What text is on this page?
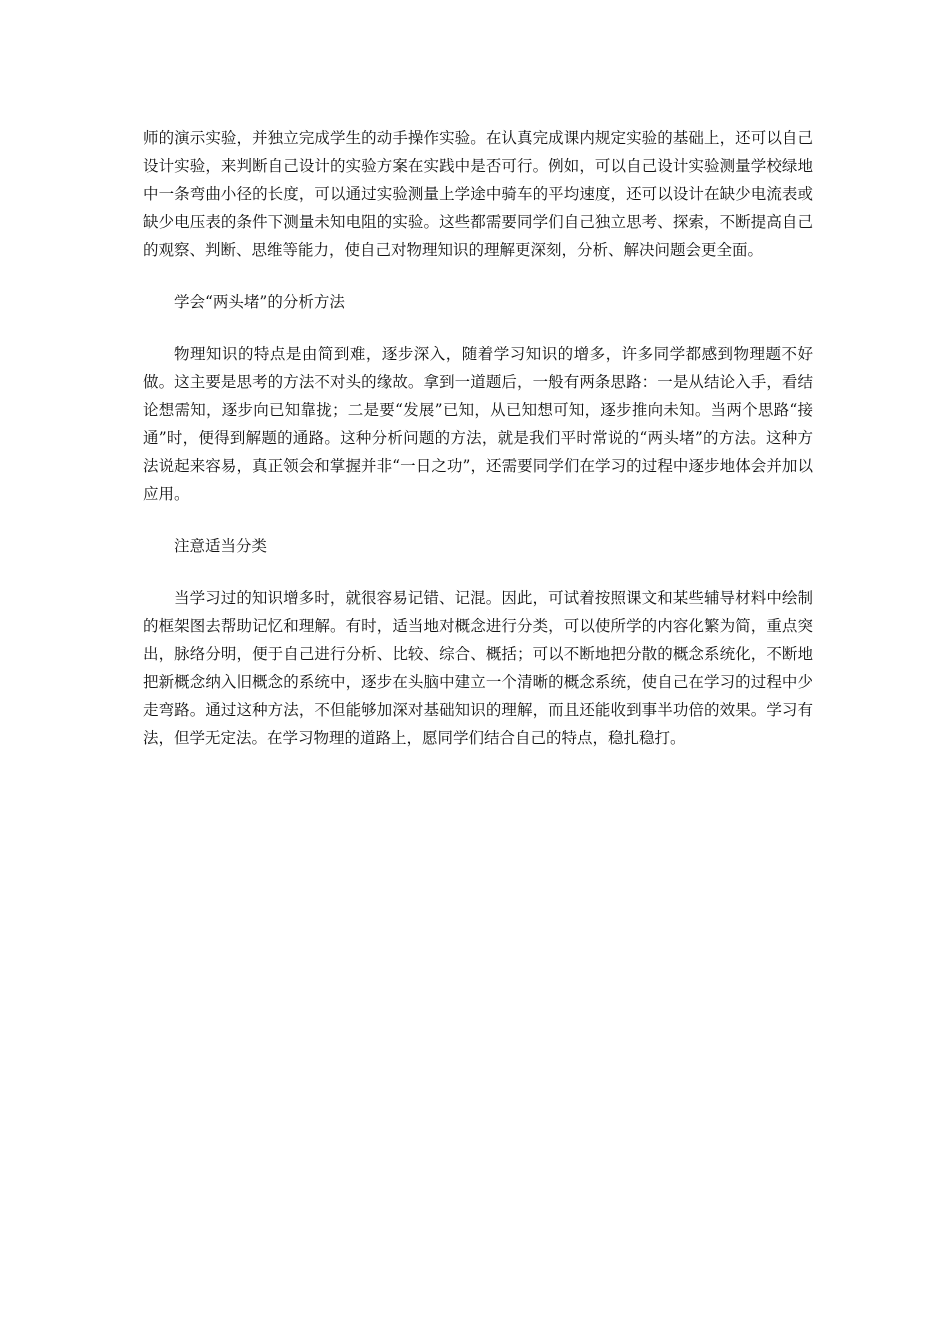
师的演示实验，并独立完成学生的动手操作实验。在认真完成课内规定实验的基础上，还可以自己设计实验，来判断自己设计的实验方案在实践中是否可行。例如，可以自己设计实验测量学校绿地中一条弯曲小径的长度，可以通过实验测量上学途中骑车的平均速度，还可以设计在缺少电流表或缺少电压表的条件下测量未知电阻的实验。这些都需要同学们自己独立思考、探索，不断提高自己的观察、判断、思维等能力，使自己对物理知识的理解更深刻，分析、解决问题会更全面。

学会“两头堵”的分析方法

物理知识的特点是由简到难，逐步深入，随着学习知识的增多，许多同学都感到物理题不好做。这主要是思考的方法不对头的缘故。拿到一道题后，一般有两条思路：一是从结论入手，看结论想需知，逐步向已知靠拢；二是要“发展”已知，从已知想可知，逐步推向未知。当两个思路“接通”时，便得到解题的通路。这种分析问题的方法，就是我们平时常说的“两头堵”的方法。这种方法说起来容易，真正领会和掌握并非“一日之功”，还需要同学们在学习的过程中逐步地体会并加以应用。

注意适当分类

当学习过的知识增多时，就很容易记错、记混。因此，可试着按照课文和某些辅导材料中绘制的框架图去帮助记忆和理解。有时，适当地对概念进行分类，可以使所学的内容化繁为简，重点突出，脉络分明，便于自己进行分析、比较、综合、概括；可以不断地把分散的概念系统化，不断地把新概念纳入旧概念的系统中，逐步在头脑中建立一个清晰的概念系统，使自己在学习的过程中少走弯路。通过这种方法，不但能够加深对基础知识的理解，而且还能收到事半功倍的效果。学习有法，但学无定法。在学习物理的道路上，愿同学们结合自己的特点，稳扎稳打。
